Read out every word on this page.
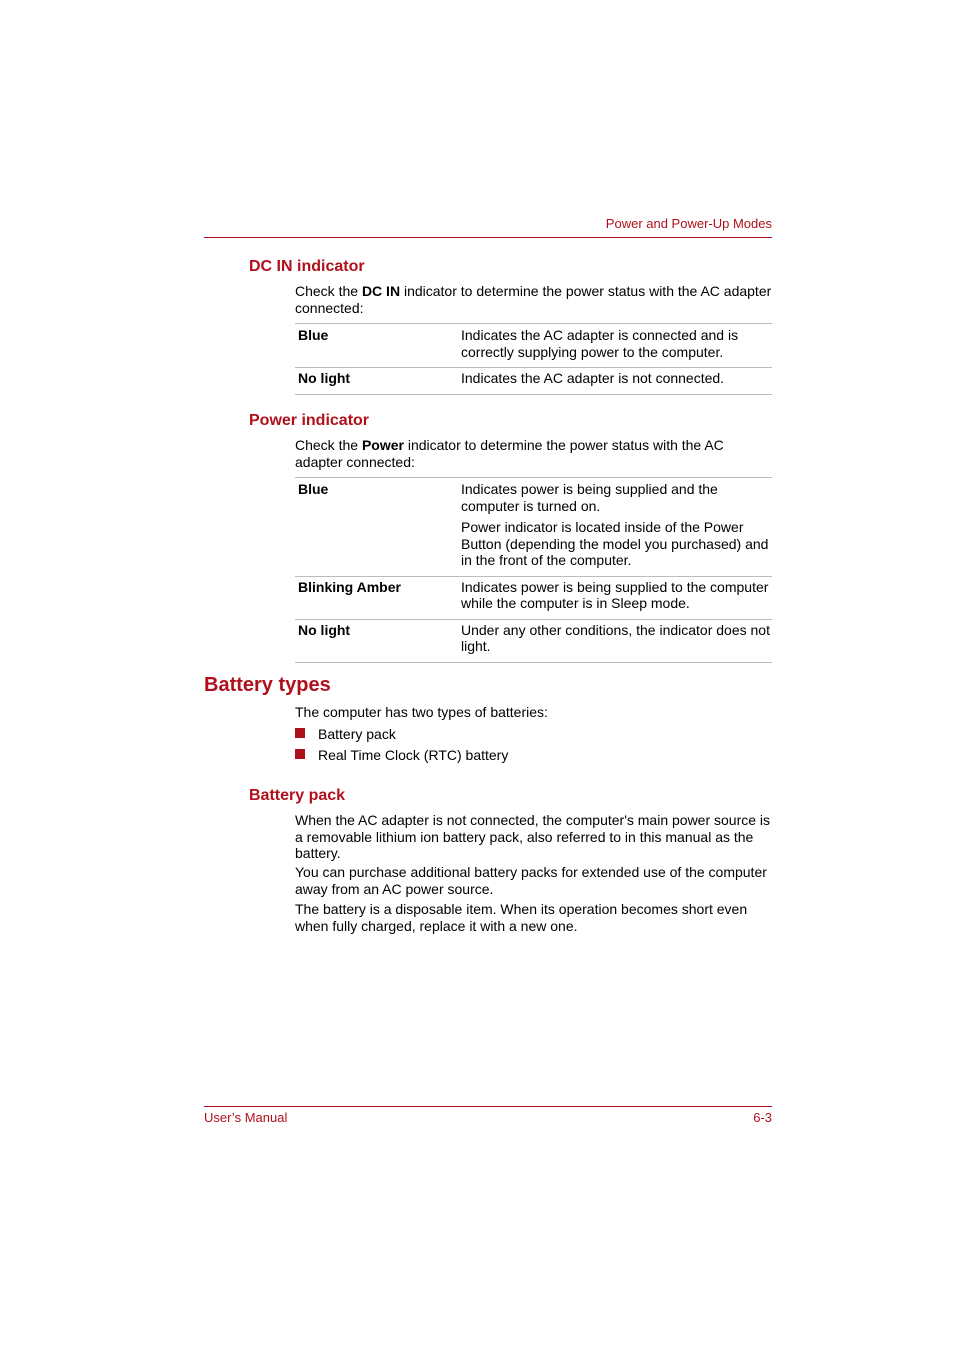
Power and Power-Up Modes
DC IN indicator
Check the DC IN indicator to determine the power status with the AC adapter connected:
Blue	Indicates the AC adapter is connected and is correctly supplying power to the computer.
No light	Indicates the AC adapter is not connected.
Power indicator
Check the Power indicator to determine the power status with the AC adapter connected:
Blue	Indicates power is being supplied and the computer is turned on.

Power indicator is located inside of the Power Button (depending the model you purchased) and in the front of the computer.

Blinking Amber	Indicates power is being supplied to the computer while the computer is in Sleep mode.
No light	Under any other conditions, the indicator does not light.
Battery types
The computer has two types of batteries:
Battery pack
Real Time Clock (RTC) battery
Battery pack
When the AC adapter is not connected, the computer's main power source is a removable lithium ion battery pack, also referred to in this manual as the battery.
You can purchase additional battery packs for extended use of the computer away from an AC power source.
The battery is a disposable item. When its operation becomes short even when fully charged, replace it with a new one.
User’s Manual	6-3
